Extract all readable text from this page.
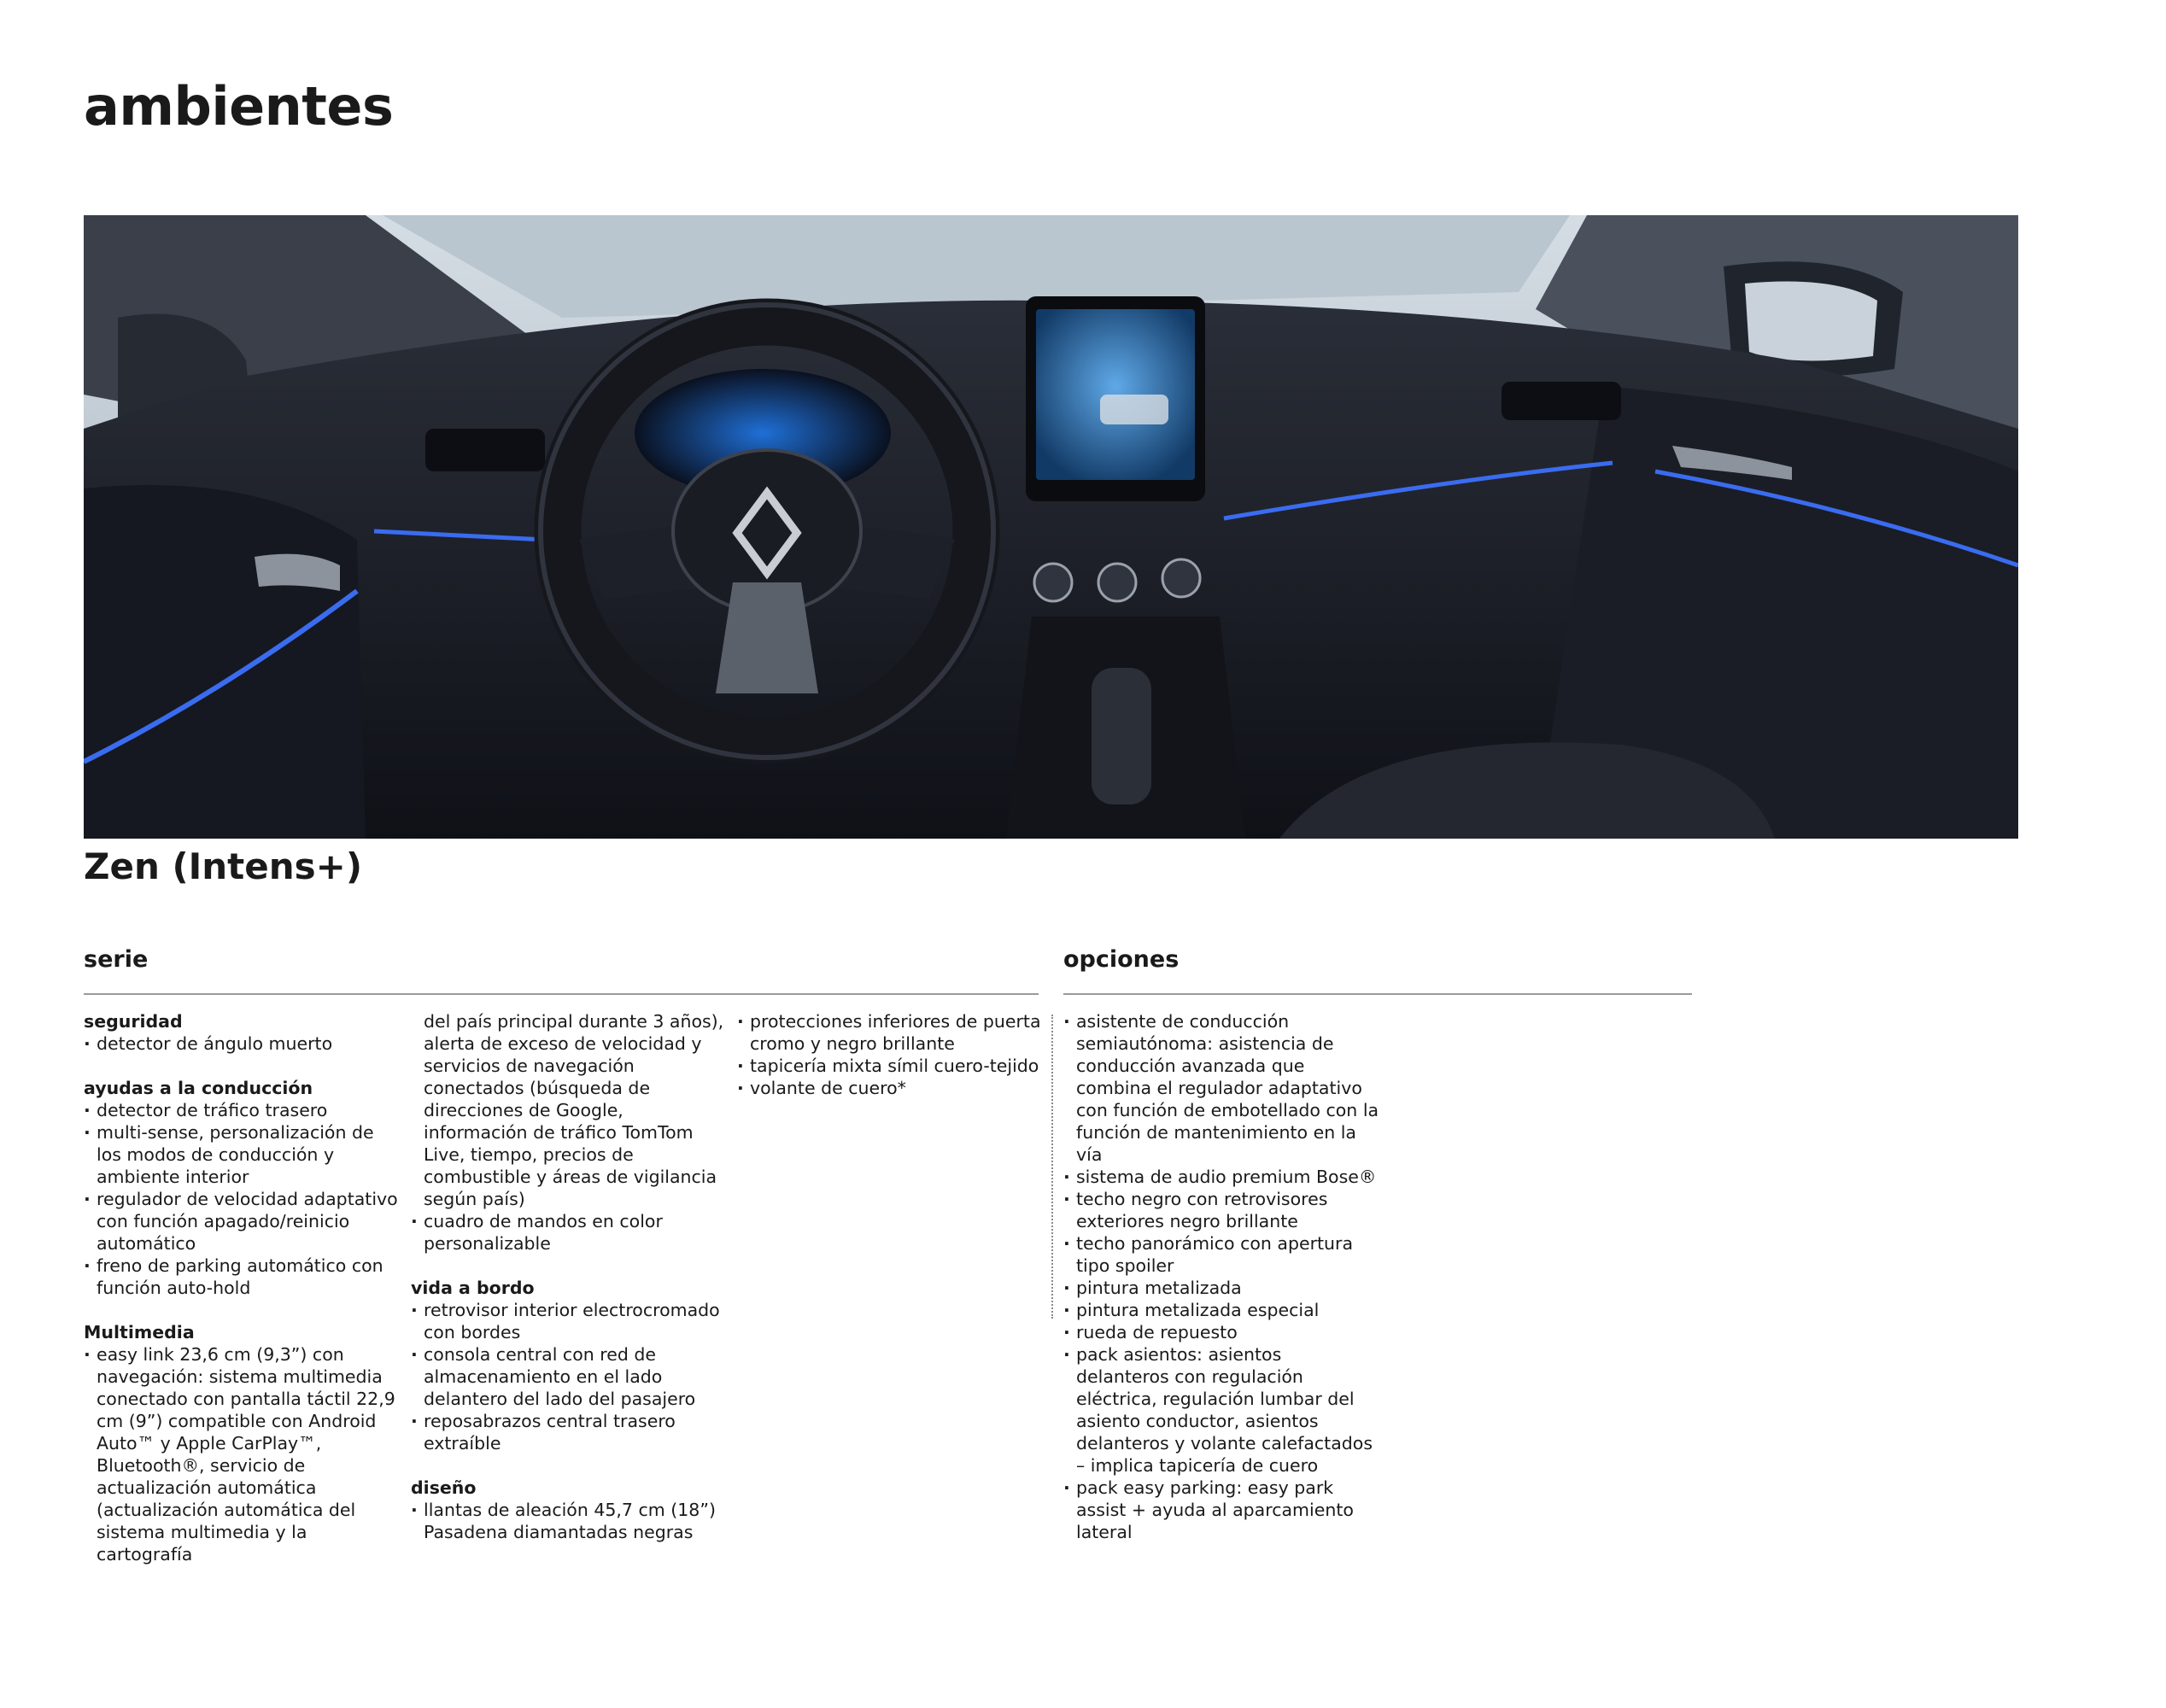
ambientes
Zen (Intens+)
serie	opciones
seguridad
· detector de ángulo muerto
ayudas a la conducción
· detector de tráfico trasero
· multi-sense, personalización de los modos de conducción y ambiente interior
· regulador de velocidad adaptativo con función apagado/reinicio automático
· freno de parking automático con función auto-hold
Multimedia
· easy link 23,6 cm (9,3”) con navegación: sistema multimedia conectado con pantalla táctil 22,9 cm (9”) compatible con Android Auto™ y Apple CarPlay™, Bluetooth®, servicio de actualización automática (actualización automática del sistema multimedia y la cartografía
del país principal durante 3 años), alerta de exceso de velocidad y servicios de navegación conectados (búsqueda de direcciones de Google, información de tráfico TomTom Live, tiempo, precios de combustible y áreas de vigilancia según país)
· cuadro de mandos en color personalizable
vida a bordo
· retrovisor interior electrocromado con bordes
· consola central con red de almacenamiento en el lado delantero del lado del pasajero
· reposabrazos central trasero extraíble
diseño
· llantas de aleación 45,7 cm (18”) Pasadena diamantadas negras
· protecciones inferiores de puerta cromo y negro brillante
· tapicería mixta símil cuero-tejido
· volante de cuero*
· asistente de conducción semiautónoma: asistencia de conducción avanzada que combina el regulador adaptativo con función de embotellado con la función de mantenimiento en la vía
· sistema de audio premium Bose®
· techo negro con retrovisores exteriores negro brillante
· techo panorámico con apertura tipo spoiler
· pintura metalizada
· pintura metalizada especial
· rueda de repuesto
· pack asientos: asientos delanteros con regulación eléctrica, regulación lumbar del asiento conductor, asientos delanteros y volante calefactados – implica tapicería de cuero
· pack easy parking: easy park assist + ayuda al aparcamiento lateral
